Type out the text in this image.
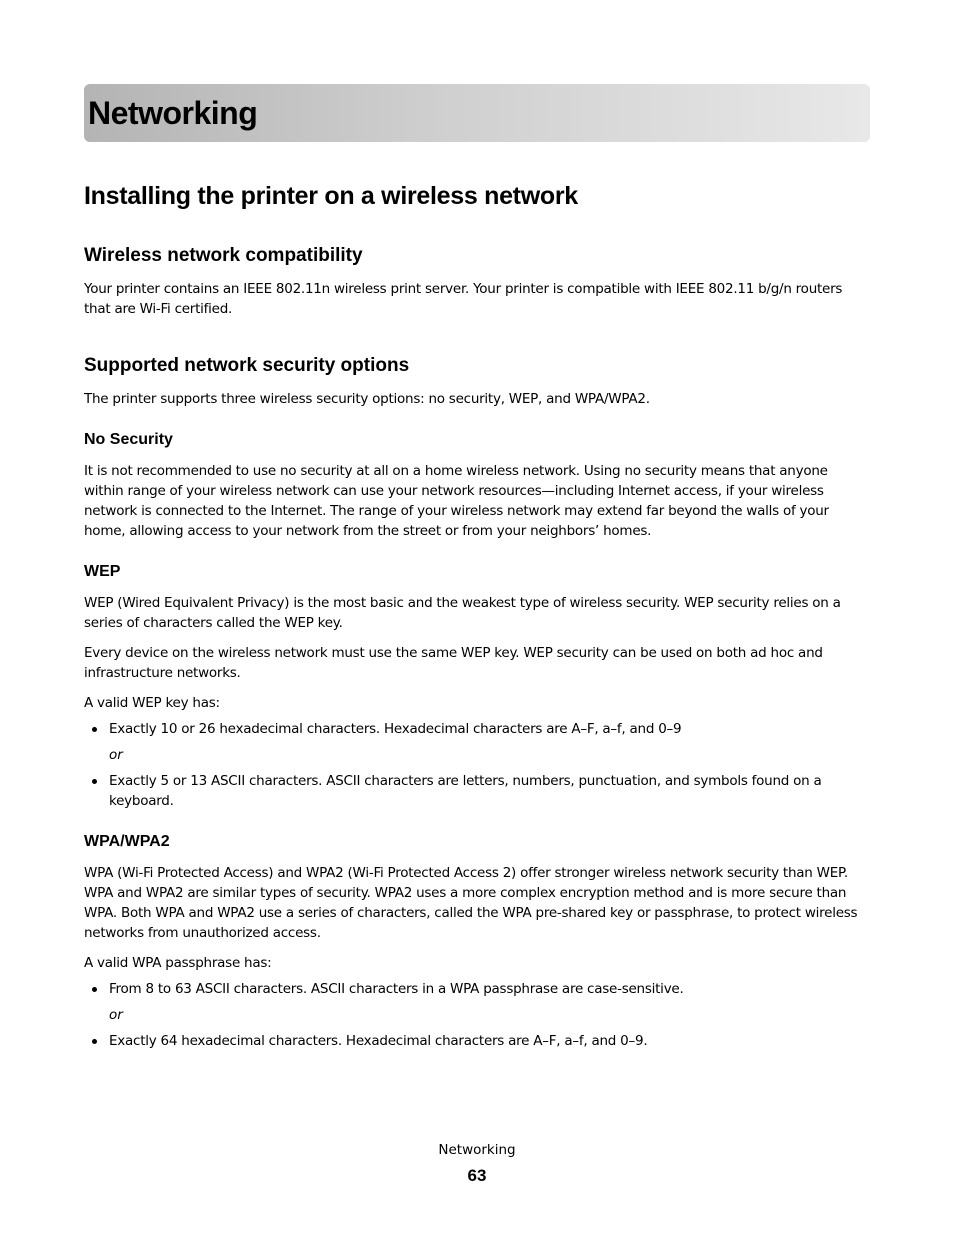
Networking
Installing the printer on a wireless network
Wireless network compatibility

Your printer contains an IEEE 802.11n wireless print server. Your printer is compatible with IEEE 802.11 b/g/n routers that are Wi-Fi certified.

Supported network security options

The printer supports three wireless security options: no security, WEP, and WPA/WPA2.

No Security

It is not recommended to use no security at all on a home wireless network. Using no security means that anyone within range of your wireless network can use your network resources—including Internet access, if your wireless network is connected to the Internet. The range of your wireless network may extend far beyond the walls of your home, allowing access to your network from the street or from your neighbors’ homes.

WEP

WEP (Wired Equivalent Privacy) is the most basic and the weakest type of wireless security. WEP security relies on a series of characters called the WEP key.

Every device on the wireless network must use the same WEP key. WEP security can be used on both ad hoc and infrastructure networks.

A valid WEP key has:

Exactly 10 or 26 hexadecimal characters. Hexadecimal characters are A–F, a–f, and 0–9
or
Exactly 5 or 13 ASCII characters. ASCII characters are letters, numbers, punctuation, and symbols found on a keyboard.
WPA/WPA2

WPA (Wi-Fi Protected Access) and WPA2 (Wi-Fi Protected Access 2) offer stronger wireless network security than WEP. WPA and WPA2 are similar types of security. WPA2 uses a more complex encryption method and is more secure than WPA. Both WPA and WPA2 use a series of characters, called the WPA pre-shared key or passphrase, to protect wireless networks from unauthorized access.

A valid WPA passphrase has:

From 8 to 63 ASCII characters. ASCII characters in a WPA passphrase are case-sensitive.
or
Exactly 64 hexadecimal characters. Hexadecimal characters are A–F, a–f, and 0–9.
Networking
63
